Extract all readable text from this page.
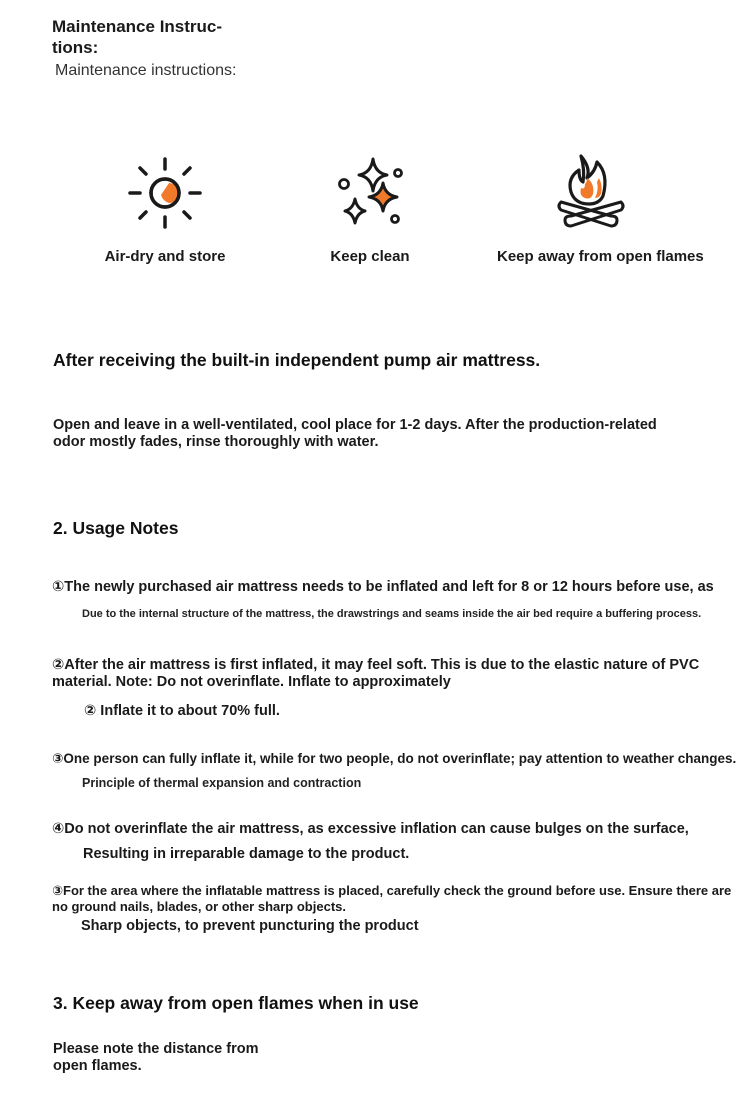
Maintenance Instruc-tions:
Maintenance instructions:
Air-dry and store	Keep clean	Keep away from open flames
After receiving the built-in independent pump air mattress.
Open and leave in a well-ventilated, cool place for 1-2 days. After the production-related odor mostly fades, rinse thoroughly with water.
2. Usage Notes
①The newly purchased air mattress needs to be inflated and left for 8 or 12 hours before use, as
Due to the internal structure of the mattress, the drawstrings and seams inside the air bed require a buffering process.
②After the air mattress is first inflated, it may feel soft. This is due to the elastic nature of PVC material. Note: Do not overinflate. Inflate to approximately
② Inflate it to about 70% full.
③One person can fully inflate it, while for two people, do not overinflate; pay attention to weather changes.
Principle of thermal expansion and contraction
④Do not overinflate the air mattress, as excessive inflation can cause bulges on the surface,
Resulting in irreparable damage to the product.
③For the area where the inflatable mattress is placed, carefully check the ground before use. Ensure there are no ground nails, blades, or other sharp objects.
Sharp objects, to prevent puncturing the product
3. Keep away from open flames when in use
Please note the distance from open flames.
